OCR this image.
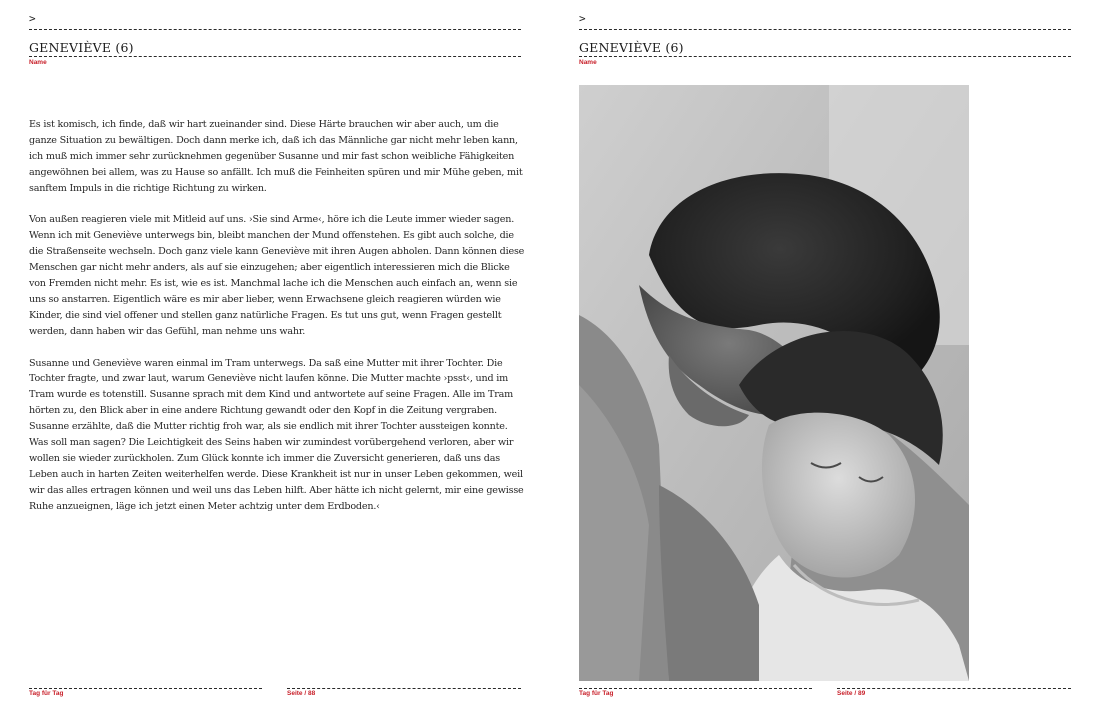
>
GENEVIÈVE (6)
Name

Es ist komisch, ich finde, daß wir hart zueinander sind. Diese Härte brauchen wir aber auch, um die ganze Situation zu bewältigen. Doch dann merke ich, daß ich das Männliche gar nicht mehr leben kann, ich muß mich immer sehr zurücknehmen gegenüber Susanne und mir fast schon weibliche Fähigkeiten angewöhnen bei allem, was zu Hause so anfällt. Ich muß die Feinheiten spüren und mir Mühe geben, mit sanftem Impuls in die richtige Richtung zu wirken.

Von außen reagieren viele mit Mitleid auf uns. ›Sie sind Arme‹, höre ich die Leute immer wieder sagen. Wenn ich mit Geneviève unterwegs bin, bleibt manchen der Mund offenstehen. Es gibt auch solche, die die Straßenseite wechseln. Doch ganz viele kann Geneviève mit ihren Augen abholen. Dann können diese Menschen gar nicht mehr anders, als auf sie einzugehen; aber eigentlich interessieren mich die Blicke von Fremden nicht mehr. Es ist, wie es ist. Manchmal lache ich die Menschen auch einfach an, wenn sie uns so anstarren. Eigentlich wäre es mir aber lieber, wenn Erwachsene gleich reagieren würden wie Kinder, die sind viel offener und stellen ganz natürliche Fragen. Es tut uns gut, wenn Fragen gestellt werden, dann haben wir das Gefühl, man nehme uns wahr.

Susanne und Geneviève waren einmal im Tram unterwegs. Da saß eine Mutter mit ihrer Tochter. Die Tochter fragte, und zwar laut, warum Geneviève nicht laufen könne. Die Mutter machte ›psst‹, und im Tram wurde es totenstill. Susanne sprach mit dem Kind und antwortete auf seine Fragen. Alle im Tram hörten zu, den Blick aber in eine andere Richtung gewandt oder den Kopf in die Zeitung vergraben. Susanne erzählte, daß die Mutter richtig froh war, als sie endlich mit ihrer Tochter aussteigen konnte. Was soll man sagen? Die Leichtigkeit des Seins haben wir zumindest vorübergehend verloren, aber wir wollen sie wieder zurückholen. Zum Glück konnte ich immer die Zuversicht generieren, daß uns das Leben auch in harten Zeiten weiterhelfen werde. Diese Krankheit ist nur in unser Leben gekommen, weil wir das alles ertragen können und weil uns das Leben hilft. Aber hätte ich nicht gelernt, mir eine gewisse Ruhe anzueignen, läge ich jetzt einen Meter achtzig unter dem Erdboden.‹

Tag für Tag	Seite / 88
>
GENEVIÈVE (6)
Name
Tag für Tag	Seite / 89
